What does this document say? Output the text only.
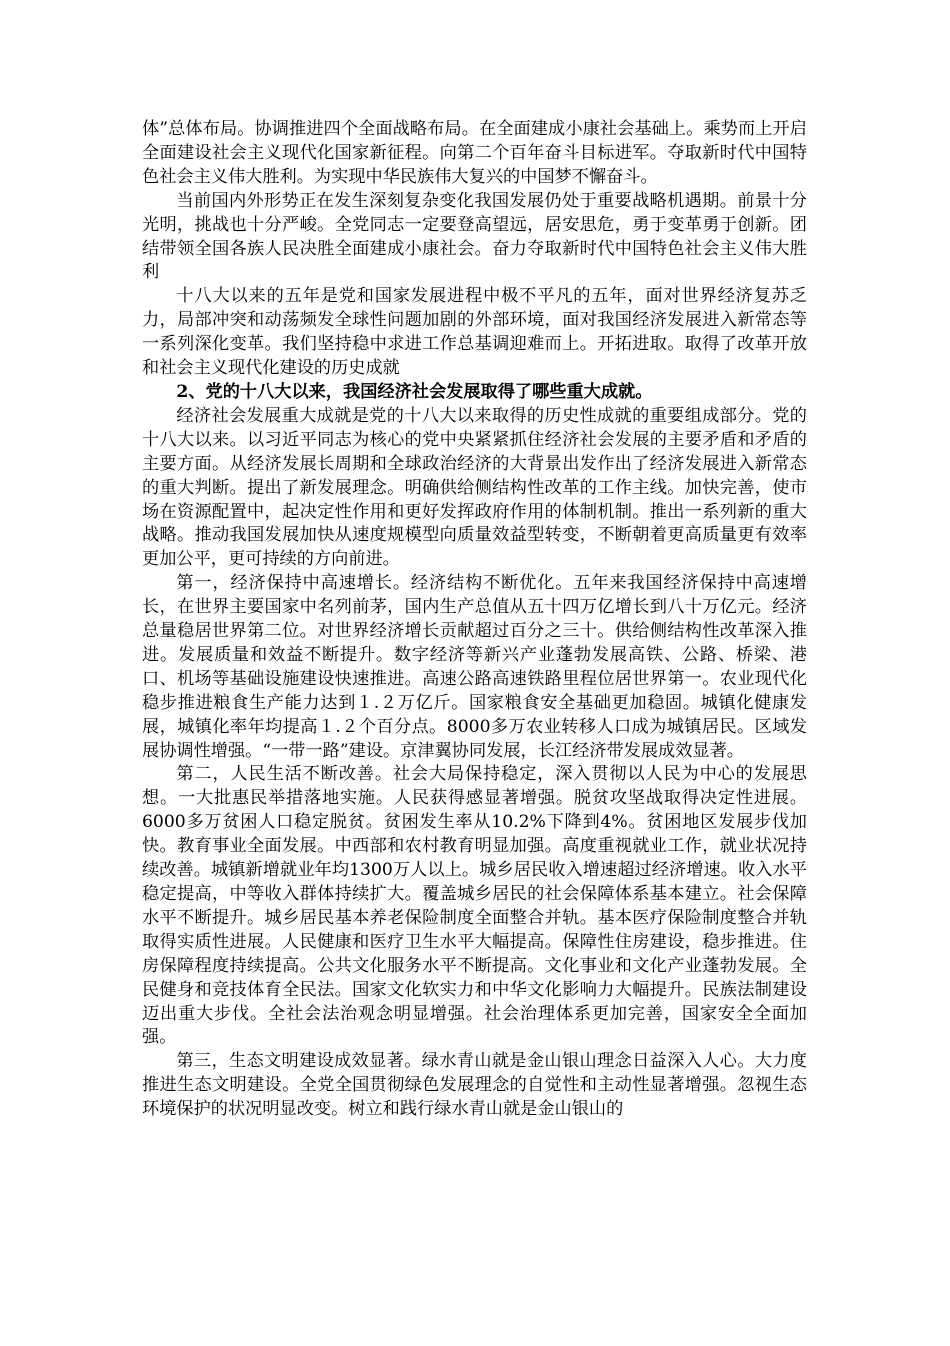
体”总体布局。协调推进四个全面战略布局。在全面建成小康社会基础上。乘势而上开启全面建设社会主义现代化国家新征程。向第二个百年奋斗目标进军。夺取新时代中国特色社会主义伟大胜利。为实现中华民族伟大复兴的中国梦不懈奋斗。

当前国内外形势正在发生深刻复杂变化我国发展仍处于重要战略机遇期。前景十分光明，挑战也十分严峻。全党同志一定要登高望远，居安思危，勇于变革勇于创新。团结带领全国各族人民决胜全面建成小康社会。奋力夺取新时代中国特色社会主义伟大胜利

十八大以来的五年是党和国家发展进程中极不平凡的五年，面对世界经济复苏乏力，局部冲突和动荡频发全球性问题加剧的外部环境，面对我国经济发展进入新常态等一系列深化变革。我们坚持稳中求进工作总基调迎难而上。开拓进取。取得了改革开放和社会主义现代化建设的历史成就

2、党的十八大以来，我国经济社会发展取得了哪些重大成就。

经济社会发展重大成就是党的十八大以来取得的历史性成就的重要组成部分。党的十八大以来。以习近平同志为核心的党中央紧紧抓住经济社会发展的主要矛盾和矛盾的主要方面。从经济发展长周期和全球政治经济的大背景出发作出了经济发展进入新常态的重大判断。提出了新发展理念。明确供给侧结构性改革的工作主线。加快完善，使市场在资源配置中，起决定性作用和更好发挥政府作用的体制机制。推出一系列新的重大战略。推动我国发展加快从速度规模型向质量效益型转变，不断朝着更高质量更有效率更加公平，更可持续的方向前进。

第一，经济保持中高速增长。经济结构不断优化。五年来我国经济保持中高速增长，在世界主要国家中名列前茅，国内生产总值从五十四万亿增长到八十万亿元。经济总量稳居世界第二位。对世界经济增长贡献超过百分之三十。供给侧结构性改革深入推进。发展质量和效益不断提升。数字经济等新兴产业蓬勃发展高铁、公路、桥梁、港口、机场等基础设施建设快速推进。高速公路高速铁路里程位居世界第一。农业现代化稳步推进粮食生产能力达到１.２万亿斤。国家粮食安全基础更加稳固。城镇化健康发展，城镇化率年均提高１.２个百分点。8000多万农业转移人口成为城镇居民。区域发展协调性增强。“一带一路”建设。京津翼协同发展，长江经济带发展成效显著。

第二，人民生活不断改善。社会大局保持稳定，深入贯彻以人民为中心的发展思想。一大批惠民举措落地实施。人民获得感显著增强。脱贫攻坚战取得决定性进展。6000多万贫困人口稳定脱贫。贫困发生率从10.2%下降到4%。贫困地区发展步伐加快。教育事业全面发展。中西部和农村教育明显加强。高度重视就业工作，就业状况持续改善。城镇新增就业年均1300万人以上。城乡居民收入增速超过经济增速。收入水平稳定提高，中等收入群体持续扩大。覆盖城乡居民的社会保障体系基本建立。社会保障水平不断提升。城乡居民基本养老保险制度全面整合并轨。基本医疗保险制度整合并轨取得实质性进展。人民健康和医疗卫生水平大幅提高。保障性住房建设，稳步推进。住房保障程度持续提高。公共文化服务水平不断提高。文化事业和文化产业蓬勃发展。全民健身和竞技体育全民法。国家文化软实力和中华文化影响力大幅提升。民族法制建设迈出重大步伐。全社会法治观念明显增强。社会治理体系更加完善，国家安全全面加强。

第三，生态文明建设成效显著。绿水青山就是金山银山理念日益深入人心。大力度推进生态文明建设。全党全国贯彻绿色发展理念的自觉性和主动性显著增强。忽视生态环境保护的状况明显改变。树立和践行绿水青山就是金山银山的
